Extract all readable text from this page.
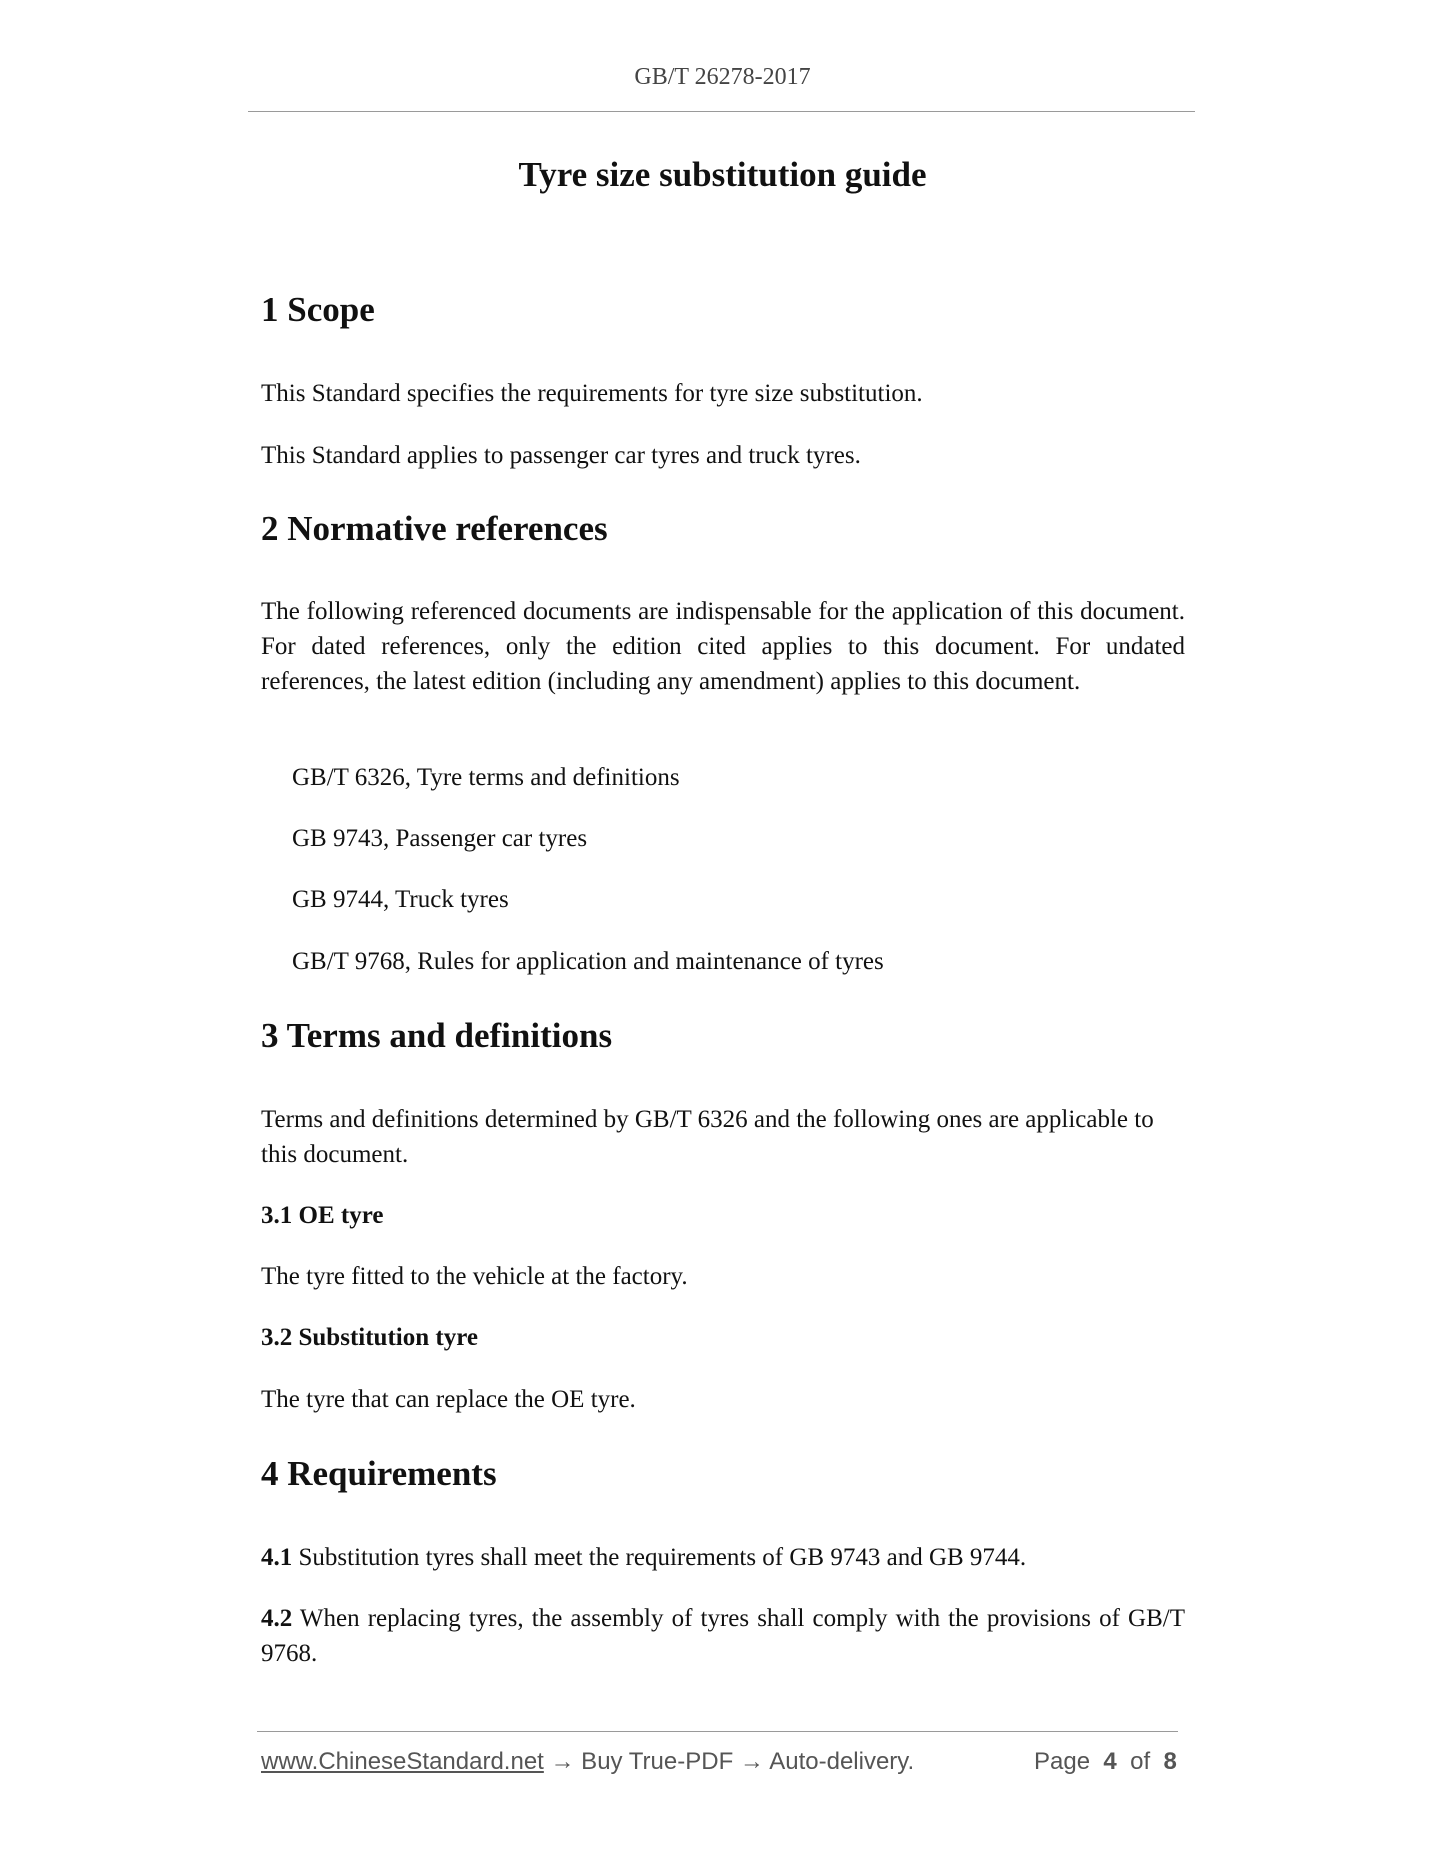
GB/T 26278-2017
Tyre size substitution guide
1 Scope

This Standard specifies the requirements for tyre size substitution.

This Standard applies to passenger car tyres and truck tyres.

2 Normative references

The following referenced documents are indispensable for the application of this document. For dated references, only the edition cited applies to this document. For undated references, the latest edition (including any amendment) applies to this document.

GB/T 6326, Tyre terms and definitions

GB 9743, Passenger car tyres

GB 9744, Truck tyres

GB/T 9768, Rules for application and maintenance of tyres

3 Terms and definitions

Terms and definitions determined by GB/T 6326 and the following ones are applicable to this document.

3.1 OE tyre

The tyre fitted to the vehicle at the factory.

3.2 Substitution tyre

The tyre that can replace the OE tyre.

4 Requirements

4.1 Substitution tyres shall meet the requirements of GB 9743 and GB 9744.

4.2 When replacing tyres, the assembly of tyres shall comply with the provisions of GB/T 9768.

www.ChineseStandard.net → Buy True-PDF → Auto-delivery.	Page 4 of 8
